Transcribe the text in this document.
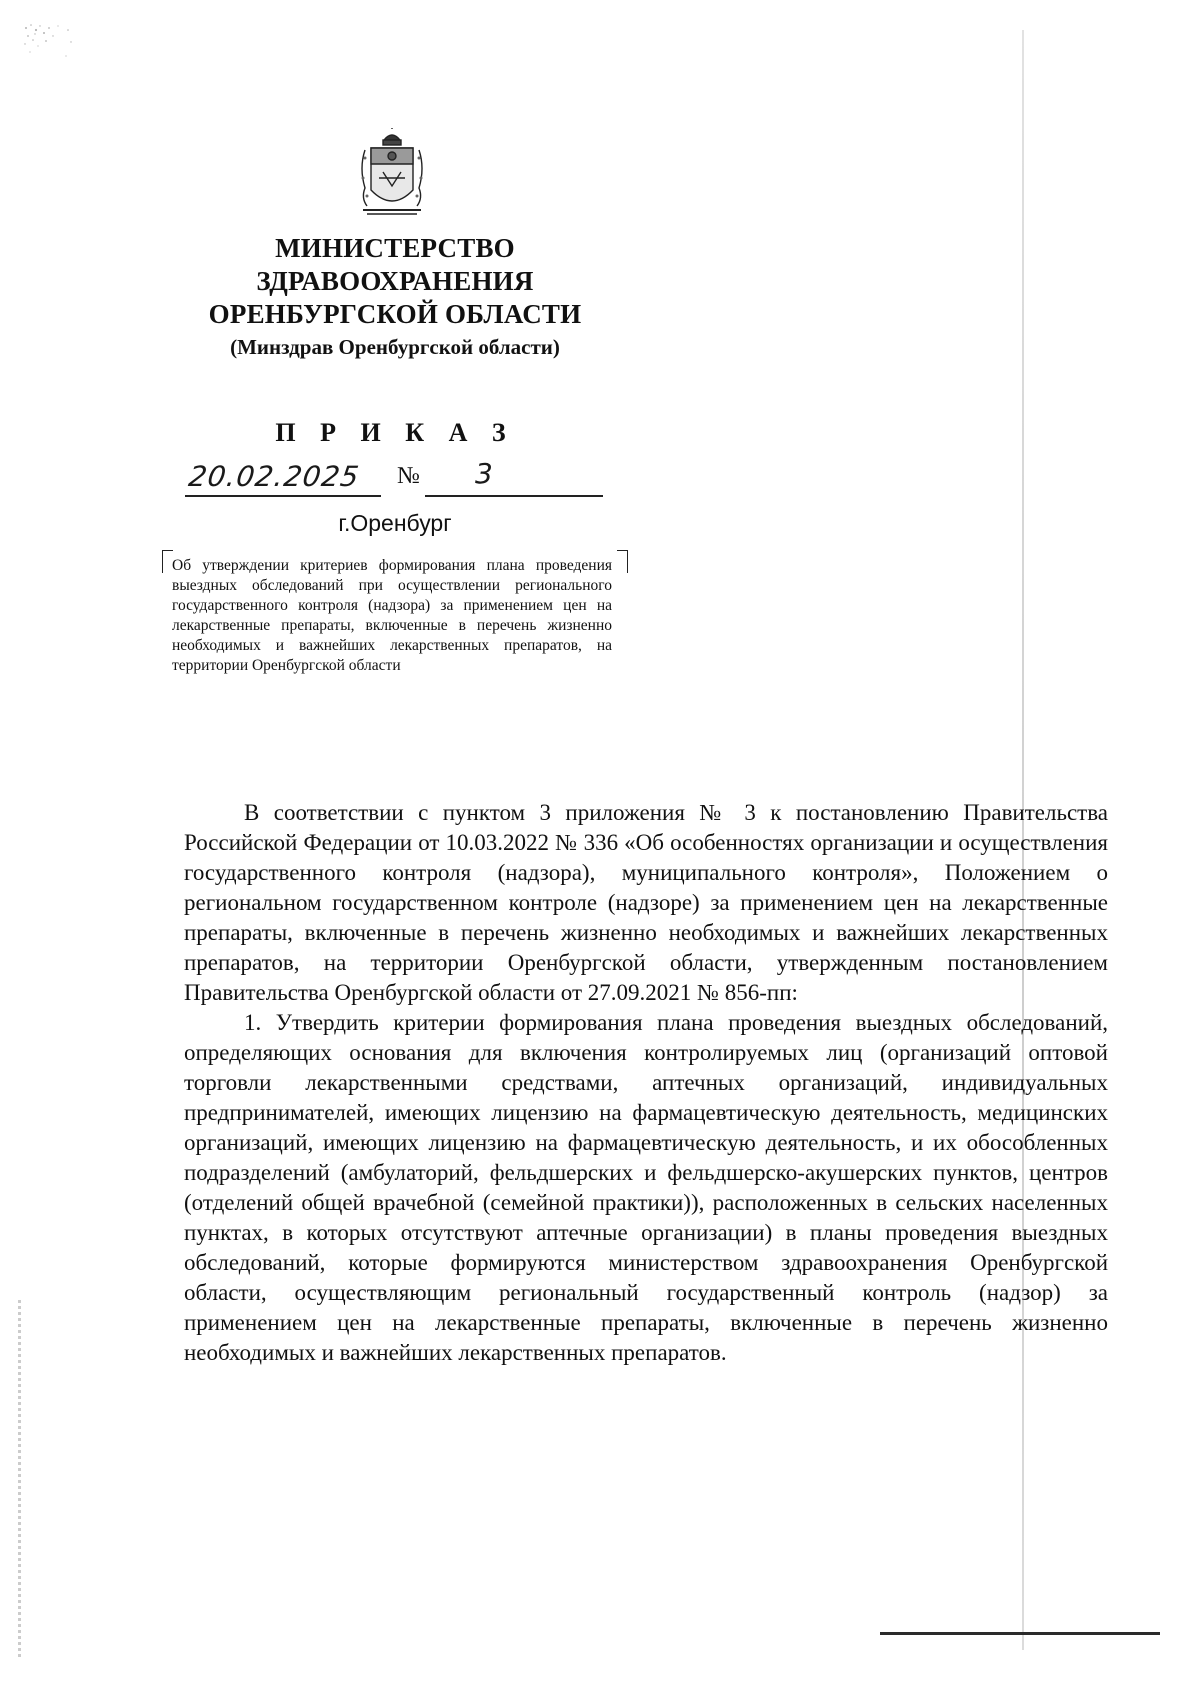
МИНИСТЕРСТВО
ЗДРАВООХРАНЕНИЯ
ОРЕНБУРГСКОЙ ОБЛАСТИ
(Минздрав Оренбургской области)
П Р И К А З
20.02.2025 № 3
г.Оренбург
Об утверждении критериев формирования плана проведения выездных обследований при осуществлении регионального государственного контроля (надзора) за применением цен на лекарственные препараты, включенные в перечень жизненно необходимых и важнейших лекарственных препаратов, на территории Оренбургской области

В соответствии с пунктом 3 приложения № 3 к постановлению Правительства Российской Федерации от 10.03.2022 № 336 «Об особенностях организации и осуществления государственного контроля (надзора), муниципального контроля», Положением о региональном государственном контроле (надзоре) за применением цен на лекарственные препараты, включенные в перечень жизненно необходимых и важнейших лекарственных препаратов, на территории Оренбургской области, утвержденным постановлением Правительства Оренбургской области от 27.09.2021 № 856-пп:

1. Утвердить критерии формирования плана проведения выездных обследований, определяющих основания для включения контролируемых лиц (организаций оптовой торговли лекарственными средствами, аптечных организаций, индивидуальных предпринимателей, имеющих лицензию на фармацевтическую деятельность, медицинских организаций, имеющих лицензию на фармацевтическую деятельность, и их обособленных подразделений (амбулаторий, фельдшерских и фельдшерско-акушерских пунктов, центров (отделений общей врачебной (семейной практики)), расположенных в сельских населенных пунктах, в которых отсутствуют аптечные организации) в планы проведения выездных обследований, которые формируются министерством здравоохранения Оренбургской области, осуществляющим региональный государственный контроль (надзор) за применением цен на лекарственные препараты, включенные в перечень жизненно необходимых и важнейших лекарственных препаратов.
